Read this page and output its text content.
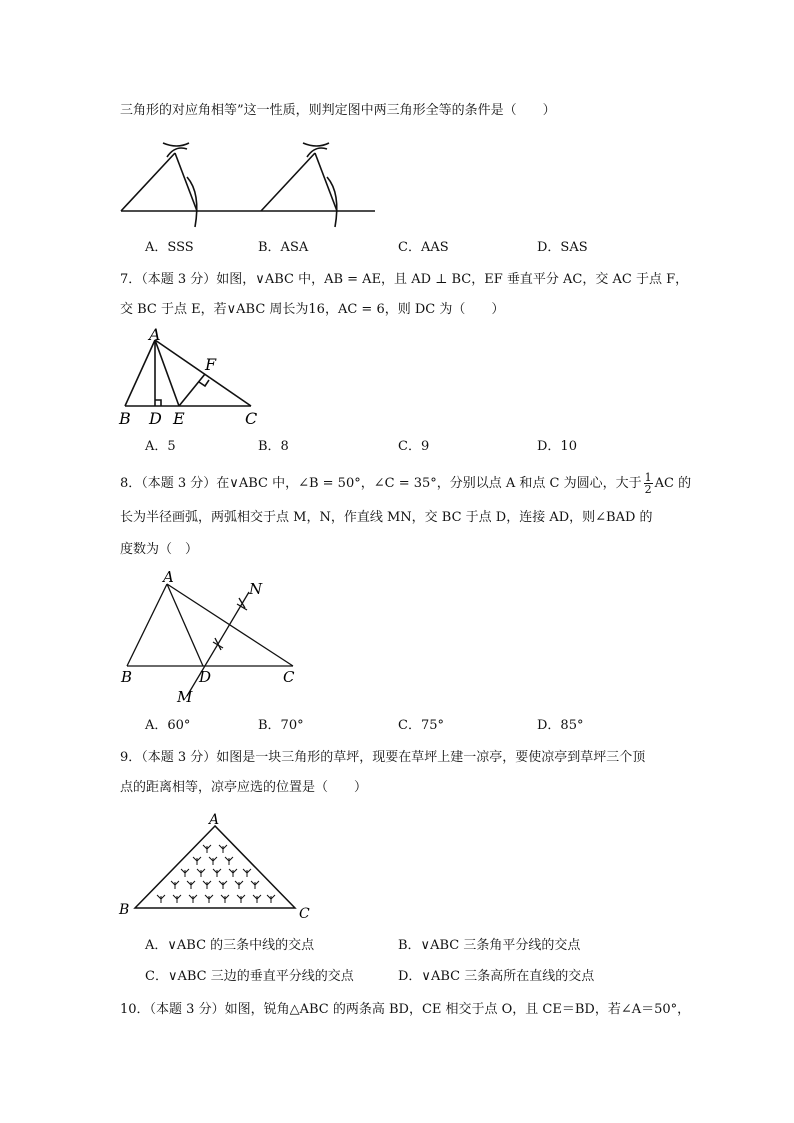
三角形的对应角相等”这一性质，则判定图中两三角形全等的条件是（　　）
A．SSS	B．ASA	C．AAS	D．SAS
7．（本题 3 分）如图，∨ABC 中，AB = AE，且 AD ⊥ BC，EF 垂直平分 AC，交 AC 于点 F，
交 BC 于点 E，若∨ABC 周长为16，AC = 6，则 DC 为（　　）
A
F
B D E	C
A．5	B．8	C．9	D．10
8．（本题 3 分）在∨ABC 中，∠B = 50°，∠C = 35°，分别以点 A 和点 C 为圆心，大于 $\frac{1}{2}$ AC 的
长为半径画弧，两弧相交于点 M，N，作直线 MN，交 BC 于点 D，连接 AD，则∠BAD 的
度数为（　）
A
N
B	D	C
M
A．60°	B．70°	C．75°	D．85°
9．（本题 3 分）如图是一块三角形的草坪，现要在草坪上建一凉亭，要使凉亭到草坪三个顶
点的距离相等，凉亭应选的位置是（　　）
A
B	C
A．∨ABC 的三条中线的交点	B．∨ABC 三条角平分线的交点
C．∨ABC 三边的垂直平分线的交点	D．∨ABC 三条高所在直线的交点
10．（本题 3 分）如图，锐角△ABC 的两条高 BD，CE 相交于点 O，且 CE＝BD，若∠A＝50°，
